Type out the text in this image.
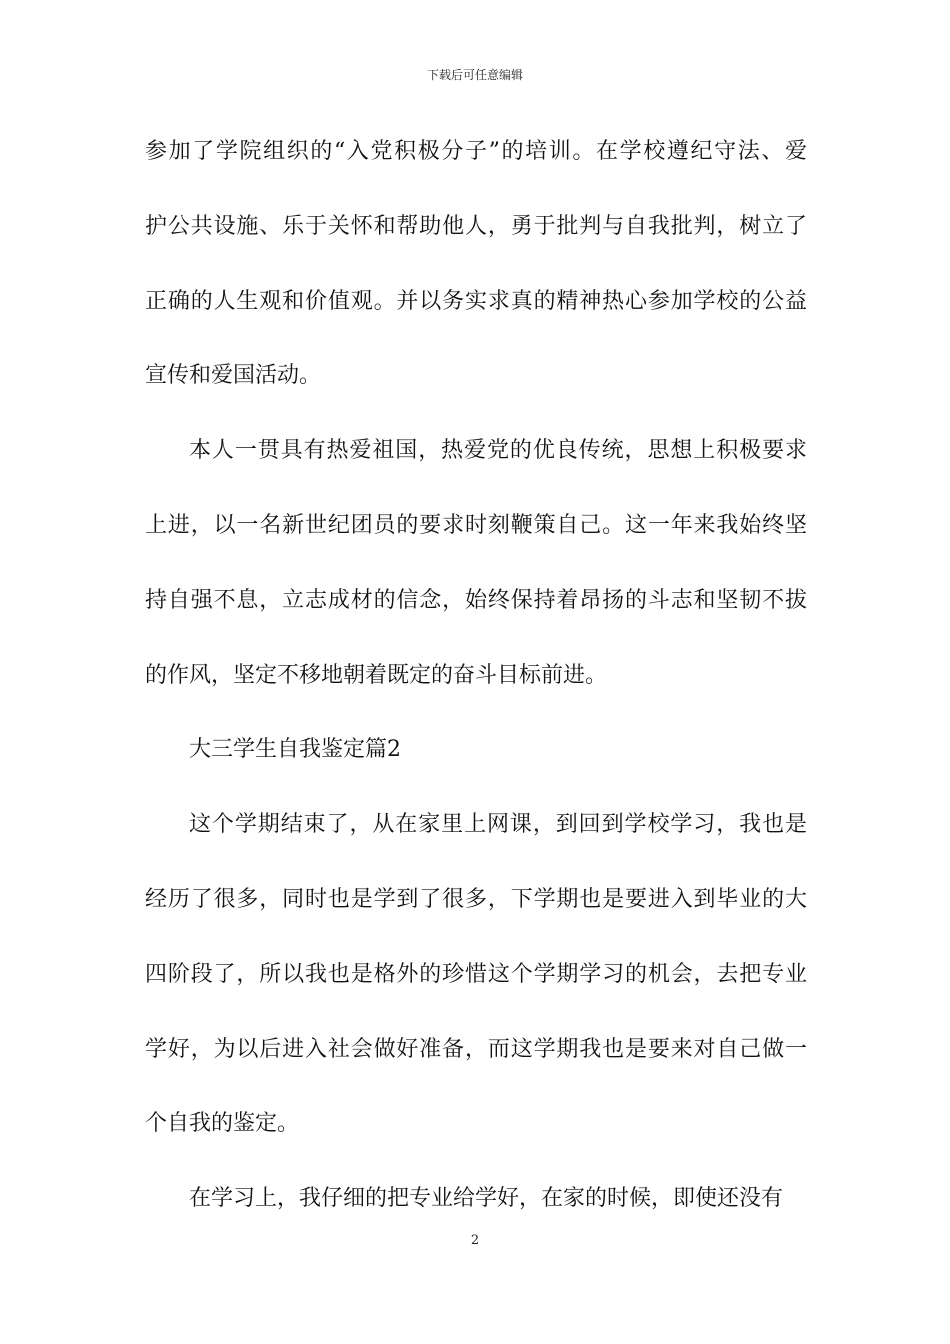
下载后可任意编辑
参加了学院组织的“入党积极分子”的培训。在学校遵纪守法、爱
护公共设施、乐于关怀和帮助他人，勇于批判与自我批判，树立了
正确的人生观和价值观。并以务实求真的精神热心参加学校的公益
宣传和爱国活动。
本人一贯具有热爱祖国，热爱党的优良传统，思想上积极要求
上进，以一名新世纪团员的要求时刻鞭策自己。这一年来我始终坚
持自强不息，立志成材的信念，始终保持着昂扬的斗志和坚韧不拔
的作风，坚定不移地朝着既定的奋斗目标前进。
大三学生自我鉴定篇2
这个学期结束了，从在家里上网课，到回到学校学习，我也是
经历了很多，同时也是学到了很多，下学期也是要进入到毕业的大
四阶段了，所以我也是格外的珍惜这个学期学习的机会，去把专业
学好，为以后进入社会做好准备，而这学期我也是要来对自己做一
个自我的鉴定。
在学习上，我仔细的把专业给学好，在家的时候，即使还没有
2
